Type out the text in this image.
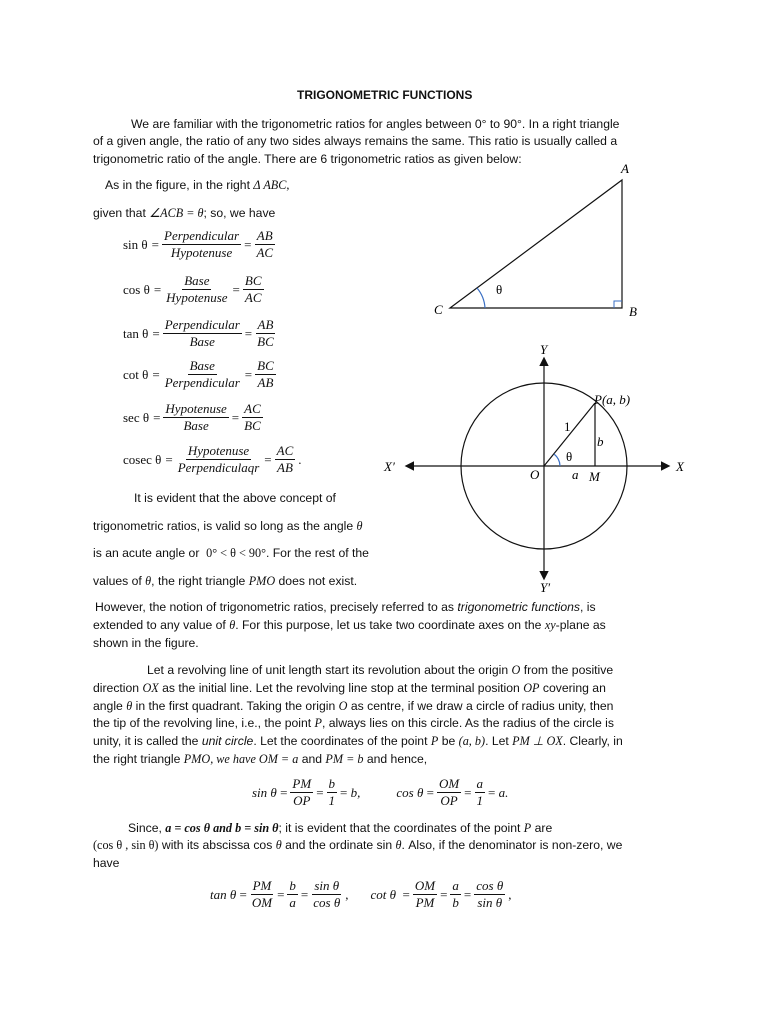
TRIGONOMETRIC FUNCTIONS
We are familiar with the trigonometric ratios for angles between 0° to 90°. In a right triangle
of a given angle, the ratio of any two sides always remains the same. This ratio is usually called a
trigonometric ratio of the angle. There are 6 trigonometric ratios as given below:
As in the figure, in the right Δ ABC,
given that ∠ACB = θ; so, we have
$\sin \theta = \frac{\text{Perpendicular}}{\text{Hypotenuse}} = \frac{AB}{AC}$
$\cos \theta = \frac{\text{Base}}{\text{Hypotenuse}} = \frac{BC}{AC}$
$\tan \theta = \frac{\text{Perpendicular}}{\text{Base}} = \frac{AB}{BC}$
$\cot \theta = \frac{\text{Base}}{\text{Perpendicular}} = \frac{BC}{AB}$
$\sec \theta = \frac{\text{Hypotenuse}}{\text{Base}} = \frac{AC}{BC}$
cosec $\theta = \frac{\text{Hypotenuse}}{\text{Perpendiculaqr}} = \frac{AC}{AB}$ .
It is evident that the above concept of
trigonometric ratios, is valid so long as the angle θ
is an acute angle or 0° < θ < 90°. For the rest of the
values of θ, the right triangle PMO does not exist.
However, the notion of trigonometric ratios, precisely referred to as trigonometric functions, is
extended to any value of θ. For this purpose, let us take two coordinate axes on the xy-plane as
shown in the figure.
Let a revolving line of unit length start its revolution about the origin O from the positive
direction OX as the initial line. Let the revolving line stop at the terminal position OP covering an
angle θ in the first quadrant. Taking the origin O as centre, if we draw a circle of radius unity, then
the tip of the revolving line, i.e., the point P, always lies on this circle. As the radius of the circle is
unity, it is called the unit circle. Let the coordinates of the point P be (a, b). Let PM ⊥ OX. Clearly, in
the right triangle PMO, we have OM = a and PM = b and hence,
$\sin \theta = \frac{PM}{OP} = \frac{b}{1} = b$,	$\cos \theta = \frac{OM}{OP} = \frac{a}{1} = a$.
Since, a = cos θ and b = sin θ; it is evident that the coordinates of the point P are
(cos θ , sin θ) with its abscissa cos θ and the ordinate sin θ. Also, if the denominator is non-zero, we
have
$\tan \theta = \frac{PM}{OM} = \frac{b}{a} = \frac{\text{sin θ}}{\text{cos θ}}$ , $\cot \theta = \frac{OM}{PM} = \frac{a}{b} = \frac{\text{cos θ}}{\text{sin θ}}$ ,
A
B
C
θ
Y
Y′
X
X′
O	M
P(a, b)
1
a
b
θ
